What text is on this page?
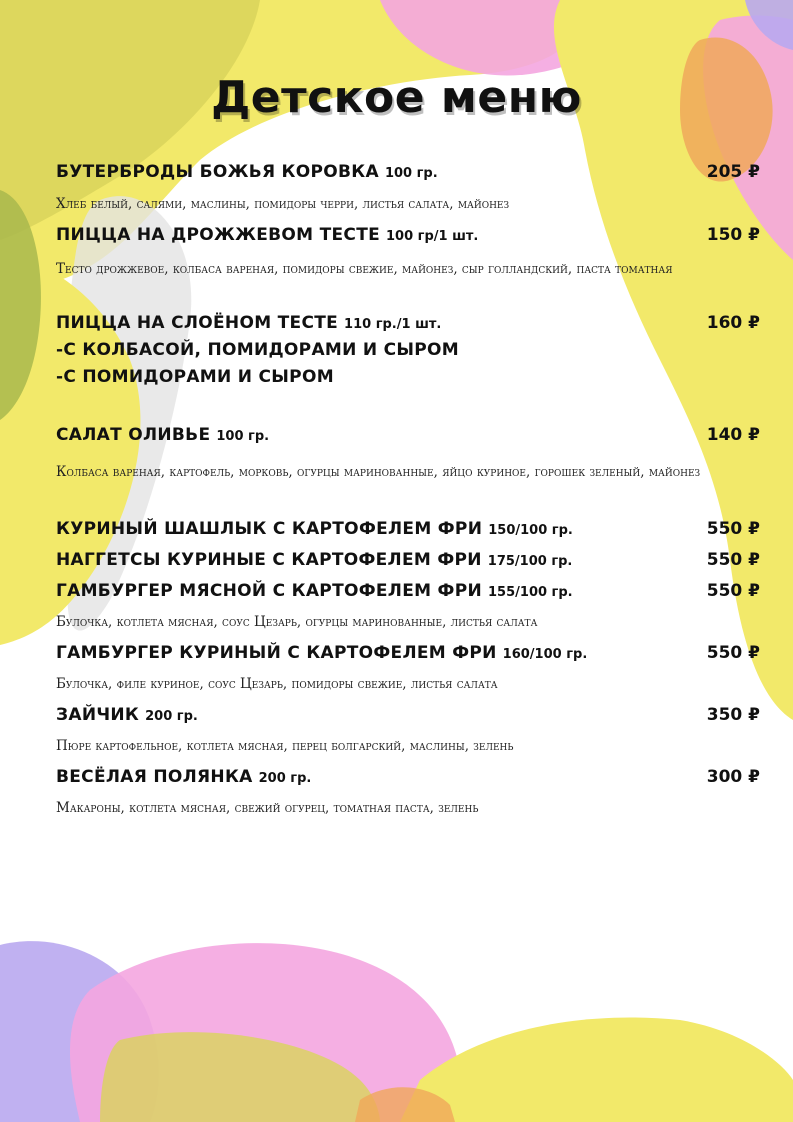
Детское меню
БУТЕРБРОДЫ БОЖЬЯ КОРОВКА 100 гр.	205 ₽
Хлеб белый, салями, маслины, помидоры черри, листья салата, майонез
ПИЦЦА НА ДРОЖЖЕВОМ ТЕСТЕ 100 гр/1 шт.	150 ₽
Тесто дрожжевое, колбаса вареная, помидоры свежие, майонез, сыр голландский, паста томатная
ПИЦЦА НА СЛОЁНОМ ТЕСТЕ 110 гр./1 шт.	160 ₽
-С КОЛБАСОЙ, ПОМИДОРАМИ И СЫРОМ
-С ПОМИДОРАМИ И СЫРОМ
САЛАТ ОЛИВЬЕ 100 гр.	140 ₽
Колбаса вареная, картофель, морковь, огурцы маринованные, яйцо куриное, горошек зеленый, майонез
КУРИНЫЙ ШАШЛЫК С КАРТОФЕЛЕМ ФРИ 150/100 гр.	550 ₽
НАГГЕТСЫ КУРИНЫЕ С КАРТОФЕЛЕМ ФРИ 175/100 гр.	550 ₽
ГАМБУРГЕР МЯСНОЙ С КАРТОФЕЛЕМ ФРИ 155/100 гр.	550 ₽
Булочка, котлета мясная, соус Цезарь, огурцы маринованные, листья салата
ГАМБУРГЕР КУРИНЫЙ С КАРТОФЕЛЕМ ФРИ 160/100 гр.	550 ₽
Булочка, филе куриное, соус Цезарь, помидоры свежие, листья салата
ЗАЙЧИК 200 гр.	350 ₽
Пюре картофельное, котлета мясная, перец болгарский, маслины, зелень
ВЕСЁЛАЯ ПОЛЯНКА 200 гр.	300 ₽
Макароны, котлета мясная, свежий огурец, томатная паста, зелень
